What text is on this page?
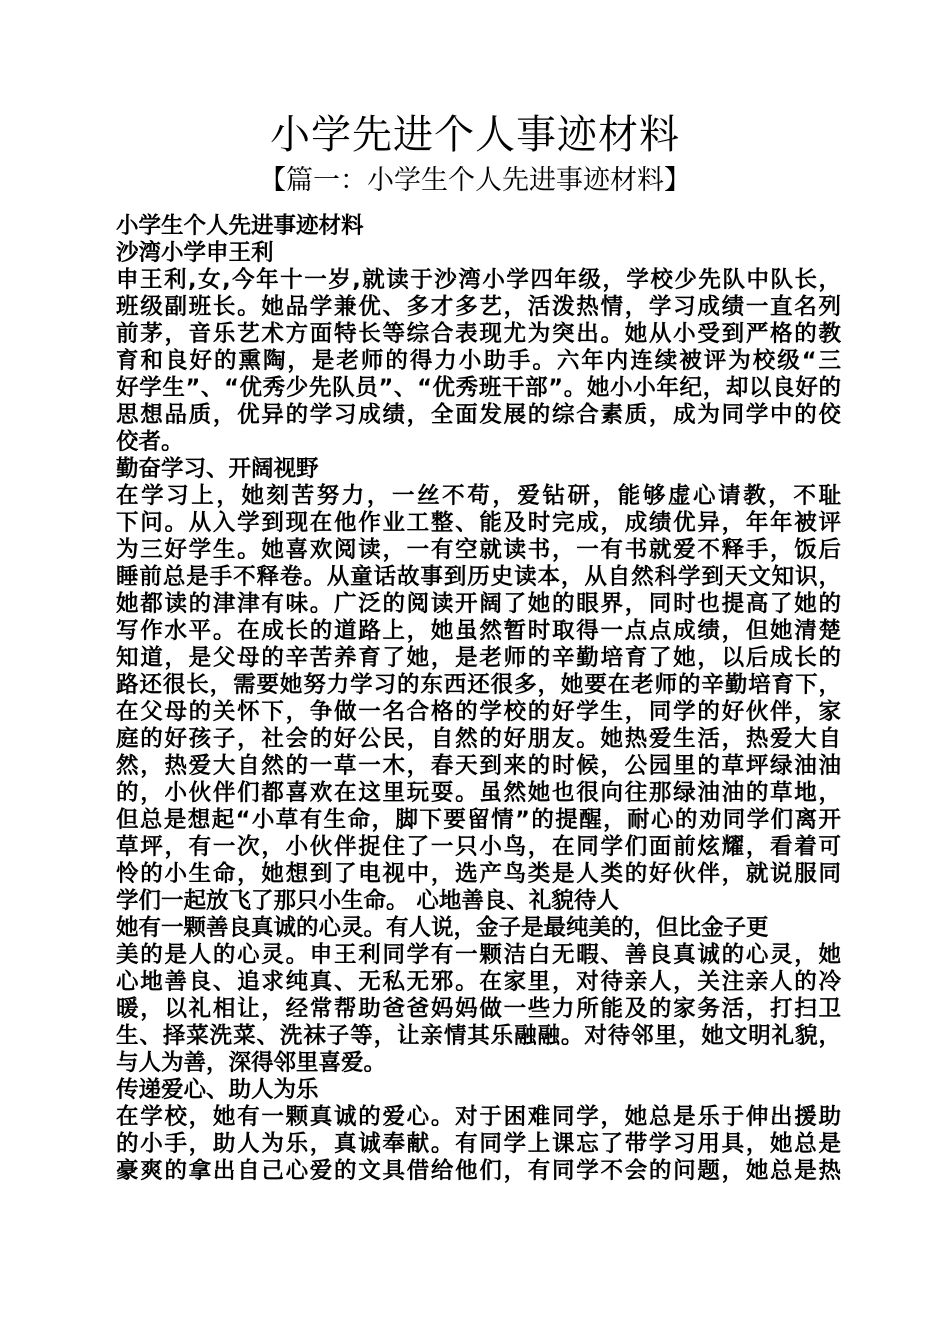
小学先进个人事迹材料
【篇一：小学生个人先进事迹材料】
小学生个人先进事迹材料
沙湾小学申王利
申王利,女,今年十一岁,就读于沙湾小学四年级，学校少先队中队长，
班级副班长。她品学兼优、多才多艺，活泼热情，学习成绩一直名列
前茅，音乐艺术方面特长等综合表现尤为突出。她从小受到严格的教
育和良好的熏陶，是老师的得力小助手。六年内连续被评为校级“三
好学生”、“优秀少先队员”、“优秀班干部”。她小小年纪，却以良好的
思想品质，优异的学习成绩，全面发展的综合素质，成为同学中的佼
佼者。
勤奋学习、开阔视野
在学习上，她刻苦努力，一丝不苟，爱钻研，能够虚心请教，不耻
下问。从入学到现在他作业工整、能及时完成，成绩优异，年年被评
为三好学生。她喜欢阅读，一有空就读书，一有书就爱不释手，饭后
睡前总是手不释卷。从童话故事到历史读本，从自然科学到天文知识，
她都读的津津有味。广泛的阅读开阔了她的眼界，同时也提高了她的
写作水平。在成长的道路上，她虽然暂时取得一点点成绩，但她清楚
知道，是父母的辛苦养育了她，是老师的辛勤培育了她，以后成长的
路还很长，需要她努力学习的东西还很多，她要在老师的辛勤培育下，
在父母的关怀下，争做一名合格的学校的好学生，同学的好伙伴，家
庭的好孩子，社会的好公民，自然的好朋友。她热爱生活，热爱大自
然，热爱大自然的一草一木，春天到来的时候，公园里的草坪绿油油
的，小伙伴们都喜欢在这里玩耍。虽然她也很向往那绿油油的草地，
但总是想起“小草有生命，脚下要留情”的提醒，耐心的劝同学们离开
草坪，有一次，小伙伴捉住了一只小鸟，在同学们面前炫耀，看着可
怜的小生命，她想到了电视中，选产鸟类是人类的好伙伴，就说服同
学们一起放飞了那只小生命。 心地善良、礼貌待人
她有一颗善良真诚的心灵。有人说，金子是最纯美的，但比金子更
美的是人的心灵。申王利同学有一颗洁白无暇、善良真诚的心灵，她
心地善良、追求纯真、无私无邪。在家里，对待亲人，关注亲人的冷
暖，以礼相让，经常帮助爸爸妈妈做一些力所能及的家务活，打扫卫
生、择菜洗菜、洗袜子等，让亲情其乐融融。对待邻里，她文明礼貌，
与人为善，深得邻里喜爱。
传递爱心、助人为乐
在学校，她有一颗真诚的爱心。对于困难同学，她总是乐于伸出援助
的小手，助人为乐，真诚奉献。有同学上课忘了带学习用具，她总是
豪爽的拿出自己心爱的文具借给他们，有同学不会的问题，她总是热
